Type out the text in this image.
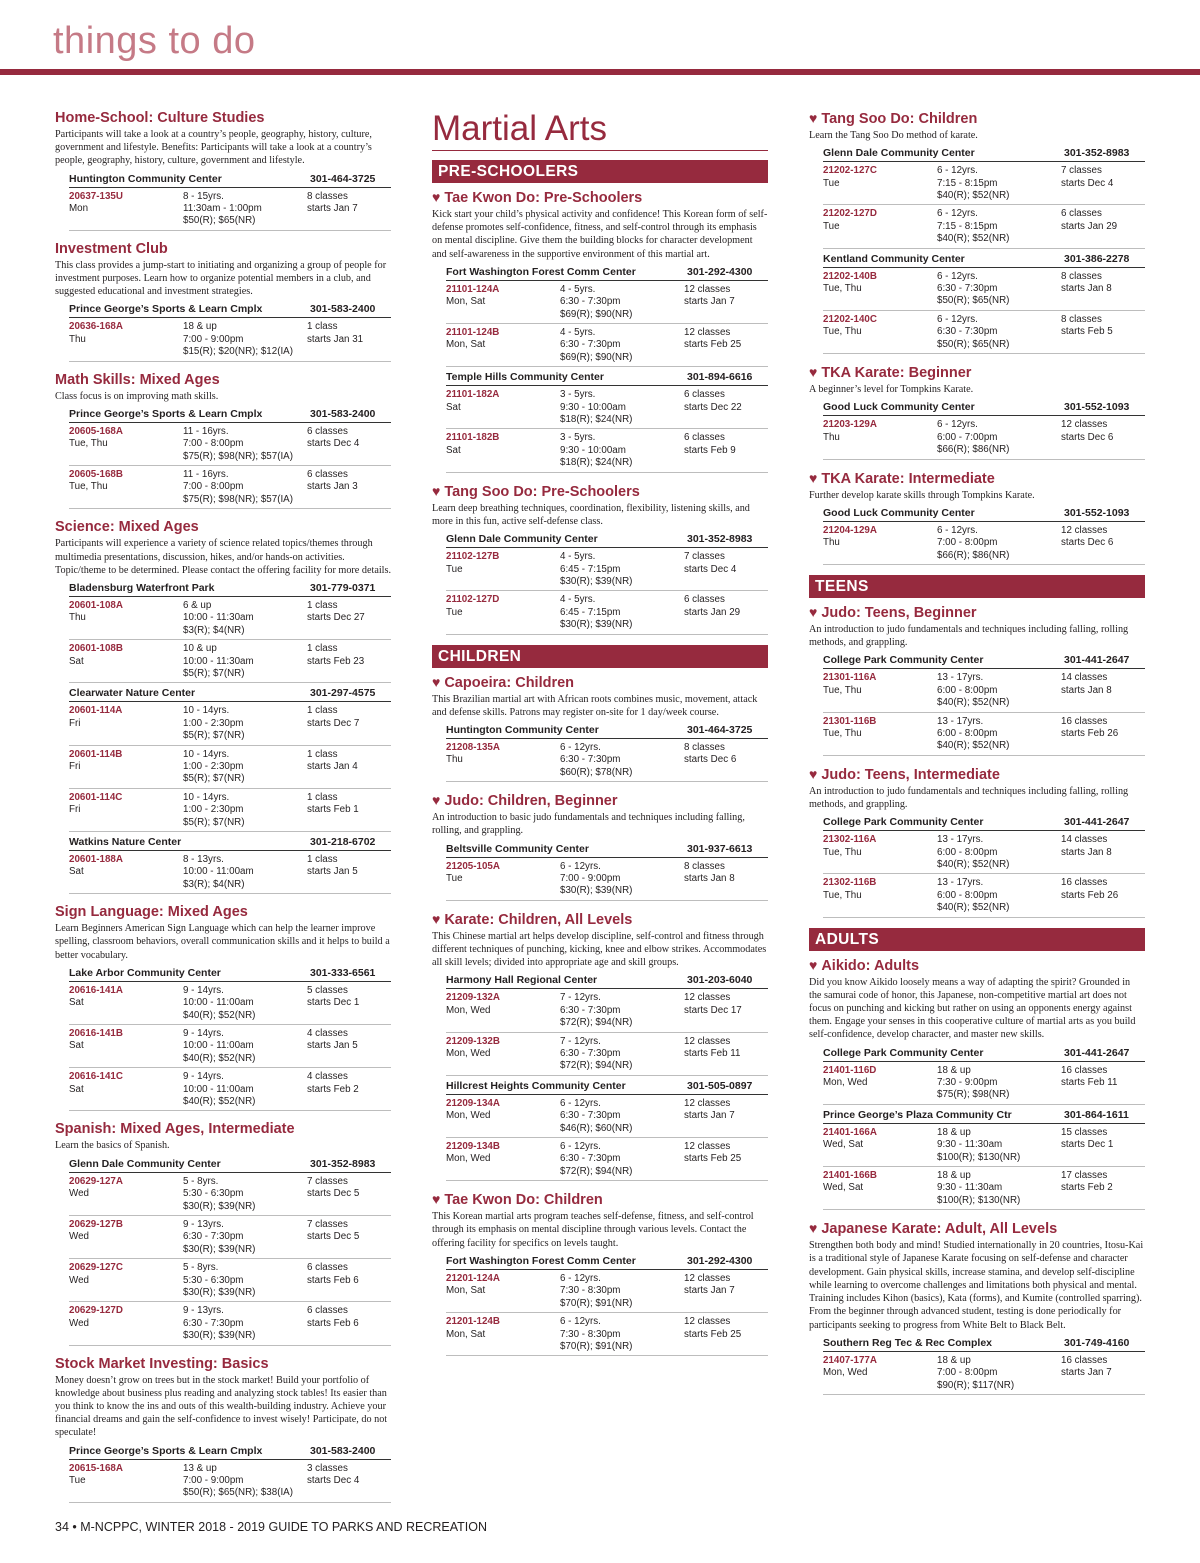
things to do
Home-School: Culture Studies
Participants will take a look at a country’s people, geography, history, culture, government and lifestyle. Benefits: Participants will take a look at a country’s people, geography, history, culture, government and lifestyle.
Huntington Community Center	301-464-3725
20637-135U	8 - 15yrs.	8 classes
Mon	11:30am - 1:00pm	starts Jan 7
$50(R); $65(NR)
Investment Club
This class provides a jump-start to initiating and organizing a group of people for investment purposes. Learn how to organize potential members in a club, and suggested educational and investment strategies.
Prince George’s Sports & Learn Cmplx	301-583-2400
20636-168A	18 & up	1 class
Thu	7:00 - 9:00pm	starts Jan 31
$15(R); $20(NR); $12(IA)
Math Skills: Mixed Ages
Class focus is on improving math skills.
Prince George’s Sports & Learn Cmplx	301-583-2400
20605-168A	11 - 16yrs.	6 classes
Tue, Thu	7:00 - 8:00pm	starts Dec 4
$75(R); $98(NR); $57(IA)
20605-168B	11 - 16yrs.	6 classes
Tue, Thu	7:00 - 8:00pm	starts Jan 3
$75(R); $98(NR); $57(IA)
Science: Mixed Ages
Participants will experience a variety of science related topics/themes through multimedia presentations, discussion, hikes, and/or hands-on activities. Topic/theme to be determined. Please contact the offering facility for more details.
Bladensburg Waterfront Park	301-779-0371
20601-108A	6 & up	1 class
Thu	10:00 - 11:30am	starts Dec 27
$3(R); $4(NR)
20601-108B	10 & up	1 class
Sat	10:00 - 11:30am	starts Feb 23
$5(R); $7(NR)
Clearwater Nature Center	301-297-4575
20601-114A	10 - 14yrs.	1 class
Fri	1:00 - 2:30pm	starts Dec 7
$5(R); $7(NR)
20601-114B	10 - 14yrs.	1 class
Fri	1:00 - 2:30pm	starts Jan 4
$5(R); $7(NR)
20601-114C	10 - 14yrs.	1 class
Fri	1:00 - 2:30pm	starts Feb 1
$5(R); $7(NR)
Watkins Nature Center	301-218-6702
20601-188A	8 - 13yrs.	1 class
Sat	10:00 - 11:00am	starts Jan 5
$3(R); $4(NR)
Sign Language: Mixed Ages
Learn Beginners American Sign Language which can help the learner improve spelling, classroom behaviors, overall communication skills and it helps to build a better vocabulary.
Lake Arbor Community Center	301-333-6561
20616-141A	9 - 14yrs.	5 classes
Sat	10:00 - 11:00am	starts Dec 1
$40(R); $52(NR)
20616-141B	9 - 14yrs.	4 classes
Sat	10:00 - 11:00am	starts Jan 5
$40(R); $52(NR)
20616-141C	9 - 14yrs.	4 classes
Sat	10:00 - 11:00am	starts Feb 2
$40(R); $52(NR)
Spanish: Mixed Ages, Intermediate
Learn the basics of Spanish.
Glenn Dale Community Center	301-352-8983
20629-127A	5 - 8yrs.	7 classes
Wed	5:30 - 6:30pm	starts Dec 5
$30(R); $39(NR)
20629-127B	9 - 13yrs.	7 classes
Wed	6:30 - 7:30pm	starts Dec 5
$30(R); $39(NR)
20629-127C	5 - 8yrs.	6 classes
Wed	5:30 - 6:30pm	starts Feb 6
$30(R); $39(NR)
20629-127D	9 - 13yrs.	6 classes
Wed	6:30 - 7:30pm	starts Feb 6
$30(R); $39(NR)
Stock Market Investing: Basics
Money doesn’t grow on trees but in the stock market! Build your portfolio of knowledge about business plus reading and analyzing stock tables! Its easier than you think to know the ins and outs of this wealth-building industry. Achieve your financial dreams and gain the self-confidence to invest wisely! Participate, do not speculate!
Prince George’s Sports & Learn Cmplx	301-583-2400
20615-168A	13 & up	3 classes
Tue	7:00 - 9:00pm	starts Dec 4
$50(R); $65(NR); $38(IA)
Martial Arts
PRE-SCHOOLERS
♥ Tae Kwon Do: Pre-Schoolers
Kick start your child’s physical activity and confidence! This Korean form of self-defense promotes self-confidence, fitness, and self-control through its emphasis on mental discipline. Give them the building blocks for character development and self-awareness in the supportive environment of this martial art.
Fort Washington Forest Comm Center	301-292-4300
21101-124A	4 - 5yrs.	12 classes
Mon, Sat	6:30 - 7:30pm	starts Jan 7
$69(R); $90(NR)
21101-124B	4 - 5yrs.	12 classes
Mon, Sat	6:30 - 7:30pm	starts Feb 25
$69(R); $90(NR)
Temple Hills Community Center	301-894-6616
21101-182A	3 - 5yrs.	6 classes
Sat	9:30 - 10:00am	starts Dec 22
$18(R); $24(NR)
21101-182B	3 - 5yrs.	6 classes
Sat	9:30 - 10:00am	starts Feb 9
$18(R); $24(NR)
♥ Tang Soo Do: Pre-Schoolers
Learn deep breathing techniques, coordination, flexibility, listening skills, and more in this fun, active self-defense class.
Glenn Dale Community Center	301-352-8983
21102-127B	4 - 5yrs.	7 classes
Tue	6:45 - 7:15pm	starts Dec 4
$30(R); $39(NR)
21102-127D	4 - 5yrs.	6 classes
Tue	6:45 - 7:15pm	starts Jan 29
$30(R); $39(NR)
CHILDREN
♥ Capoeira: Children
This Brazilian martial art with African roots combines music, movement, attack and defense skills. Patrons may register on-site for 1 day/week course.
Huntington Community Center	301-464-3725
21208-135A	6 - 12yrs.	8 classes
Thu	6:30 - 7:30pm	starts Dec 6
$60(R); $78(NR)
♥ Judo: Children, Beginner
An introduction to basic judo fundamentals and techniques including falling, rolling, and grappling.
Beltsville Community Center	301-937-6613
21205-105A	6 - 12yrs.	8 classes
Tue	7:00 - 9:00pm	starts Jan 8
$30(R); $39(NR)
♥ Karate: Children, All Levels
This Chinese martial art helps develop discipline, self-control and fitness through different techniques of punching, kicking, knee and elbow strikes. Accommodates all skill levels; divided into appropriate age and skill groups.
Harmony Hall Regional Center	301-203-6040
21209-132A	7 - 12yrs.	12 classes
Mon, Wed	6:30 - 7:30pm	starts Dec 17
$72(R); $94(NR)
21209-132B	7 - 12yrs.	12 classes
Mon, Wed	6:30 - 7:30pm	starts Feb 11
$72(R); $94(NR)
Hillcrest Heights Community Center	301-505-0897
21209-134A	6 - 12yrs.	12 classes
Mon, Wed	6:30 - 7:30pm	starts Jan 7
$46(R); $60(NR)
21209-134B	6 - 12yrs.	12 classes
Mon, Wed	6:30 - 7:30pm	starts Feb 25
$72(R); $94(NR)
♥ Tae Kwon Do: Children
This Korean martial arts program teaches self-defense, fitness, and self-control through its emphasis on mental discipline through various levels. Contact the offering facility for specifics on levels taught.
Fort Washington Forest Comm Center	301-292-4300
21201-124A	6 - 12yrs.	12 classes
Mon, Sat	7:30 - 8:30pm	starts Jan 7
$70(R); $91(NR)
21201-124B	6 - 12yrs.	12 classes
Mon, Sat	7:30 - 8:30pm	starts Feb 25
$70(R); $91(NR)
♥ Tang Soo Do: Children
Learn the Tang Soo Do method of karate.
Glenn Dale Community Center	301-352-8983
21202-127C	6 - 12yrs.	7 classes
Tue	7:15 - 8:15pm	starts Dec 4
$40(R); $52(NR)
21202-127D	6 - 12yrs.	6 classes
Tue	7:15 - 8:15pm	starts Jan 29
$40(R); $52(NR)
Kentland Community Center	301-386-2278
21202-140B	6 - 12yrs.	8 classes
Tue, Thu	6:30 - 7:30pm	starts Jan 8
$50(R); $65(NR)
21202-140C	6 - 12yrs.	8 classes
Tue, Thu	6:30 - 7:30pm	starts Feb 5
$50(R); $65(NR)
♥ TKA Karate: Beginner
A beginner’s level for Tompkins Karate.
Good Luck Community Center	301-552-1093
21203-129A	6 - 12yrs.	12 classes
Thu	6:00 - 7:00pm	starts Dec 6
$66(R); $86(NR)
♥ TKA Karate: Intermediate
Further develop karate skills through Tompkins Karate.
Good Luck Community Center	301-552-1093
21204-129A	6 - 12yrs.	12 classes
Thu	7:00 - 8:00pm	starts Dec 6
$66(R); $86(NR)
TEENS
♥ Judo: Teens, Beginner
An introduction to judo fundamentals and techniques including falling, rolling methods, and grappling.
College Park Community Center	301-441-2647
21301-116A	13 - 17yrs.	14 classes
Tue, Thu	6:00 - 8:00pm	starts Jan 8
$40(R); $52(NR)
21301-116B	13 - 17yrs.	16 classes
Tue, Thu	6:00 - 8:00pm	starts Feb 26
$40(R); $52(NR)
♥ Judo: Teens, Intermediate
An introduction to judo fundamentals and techniques including falling, rolling methods, and grappling.
College Park Community Center	301-441-2647
21302-116A	13 - 17yrs.	14 classes
Tue, Thu	6:00 - 8:00pm	starts Jan 8
$40(R); $52(NR)
21302-116B	13 - 17yrs.	16 classes
Tue, Thu	6:00 - 8:00pm	starts Feb 26
$40(R); $52(NR)
ADULTS
♥ Aikido: Adults
Did you know Aikido loosely means a way of adapting the spirit? Grounded in the samurai code of honor, this Japanese, non-competitive martial art does not focus on punching and kicking but rather on using an opponents energy against them. Engage your senses in this cooperative culture of martial arts as you build self-confidence, develop character, and master new skills.
College Park Community Center	301-441-2647
21401-116D	18 & up	16 classes
Mon, Wed	7:30 - 9:00pm	starts Feb 11
$75(R); $98(NR)
Prince George’s Plaza Community Ctr	301-864-1611
21401-166A	18 & up	15 classes
Wed, Sat	9:30 - 11:30am	starts Dec 1
$100(R); $130(NR)
21401-166B	18 & up	17 classes
Wed, Sat	9:30 - 11:30am	starts Feb 2
$100(R); $130(NR)
♥ Japanese Karate: Adult, All Levels
Strengthen both body and mind! Studied internationally in 20 countries, Itosu-Kai is a traditional style of Japanese Karate focusing on self-defense and character development. Gain physical skills, increase stamina, and develop self-discipline while learning to overcome challenges and limitations both physical and mental. Training includes Kihon (basics), Kata (forms), and Kumite (controlled sparring). From the beginner through advanced student, testing is done periodically for participants seeking to progress from White Belt to Black Belt.
Southern Reg Tec & Rec Complex	301-749-4160
21407-177A	18 & up	16 classes
Mon, Wed	7:00 - 8:00pm	starts Jan 7
$90(R); $117(NR)
34 • M-NCPPC, WINTER 2018 - 2019 GUIDE TO PARKS AND RECREATION
